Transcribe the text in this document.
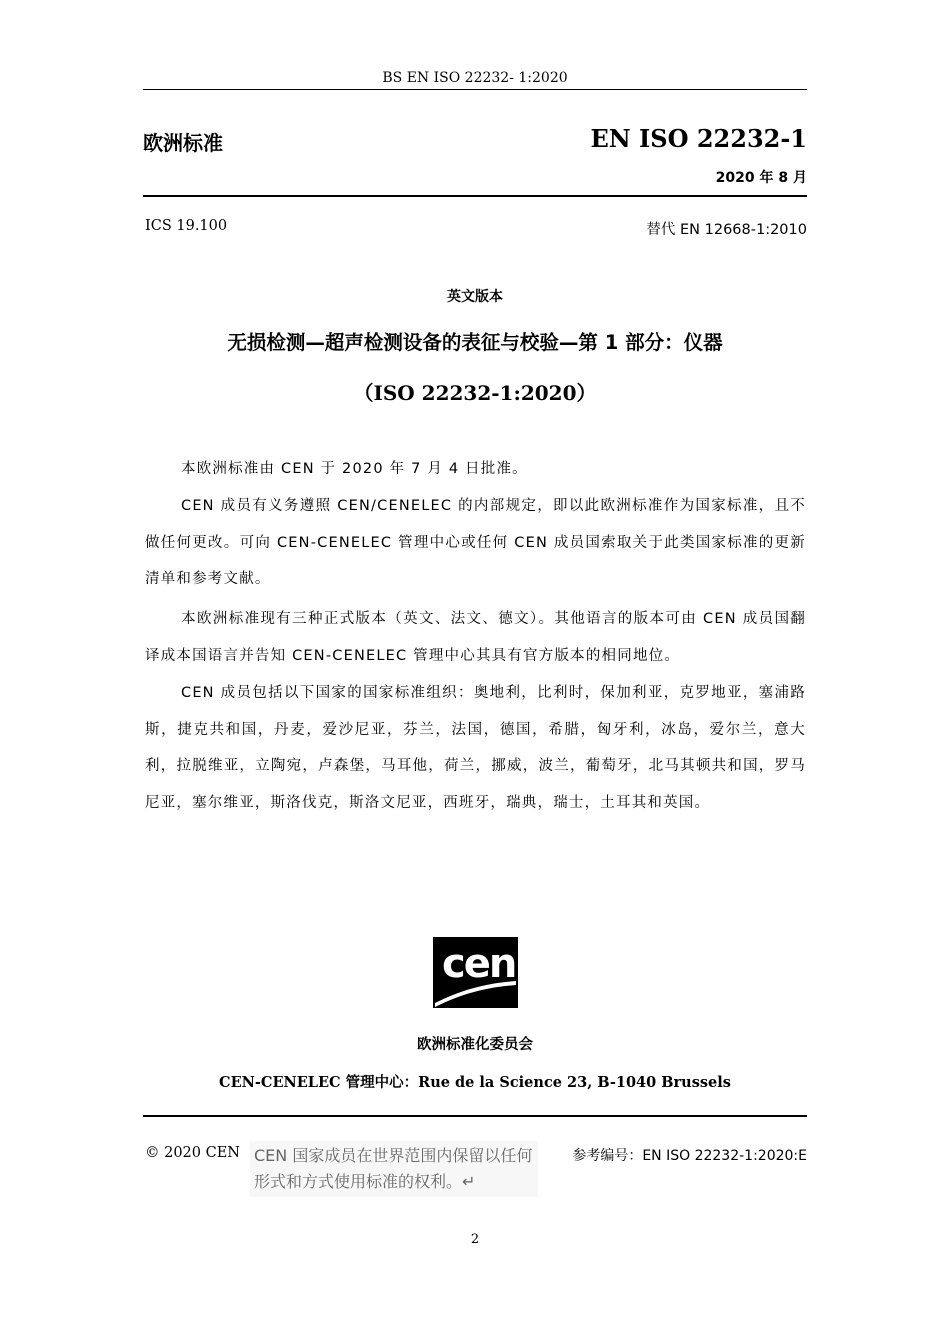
BS EN ISO 22232- 1:2020
欧洲标准	EN ISO 22232-1
2020 年 8 月
ICS 19.100	替代 EN 12668-1:2010
英文版本
无损检测—超声检测设备的表征与校验—第 1 部分：仪器
（ISO 22232-1:2020）

本欧洲标准由 CEN 于 2020 年 7 月 4 日批准。

CEN 成员有义务遵照 CEN/CENELEC 的内部规定，即以此欧洲标准作为国家标准，且不做任何更改。可向 CEN-CENELEC 管理中心或任何 CEN 成员国索取关于此类国家标准的更新清单和参考文献。

本欧洲标准现有三种正式版本（英文、法文、德文）。其他语言的版本可由 CEN 成员国翻译成本国语言并告知 CEN-CENELEC 管理中心其具有官方版本的相同地位。

CEN 成员包括以下国家的国家标准组织：奥地利，比利时，保加利亚，克罗地亚，塞浦路斯，捷克共和国，丹麦，爱沙尼亚，芬兰，法国，德国，希腊，匈牙利，冰岛，爱尔兰，意大利，拉脱维亚，立陶宛，卢森堡，马耳他，荷兰，挪威，波兰，葡萄牙，北马其顿共和国，罗马尼亚，塞尔维亚，斯洛伐克，斯洛文尼亚，西班牙，瑞典，瑞士，土耳其和英国。

cen
欧洲标准化委员会
CEN-CENELEC 管理中心：Rue de la Science 23, B-1040 Brussels
© 2020 CEN CEN 国家成员在世界范围内保留以任何形式和方式使用标准的权利。↵
参考编号：EN ISO 22232-1:2020:E
2
